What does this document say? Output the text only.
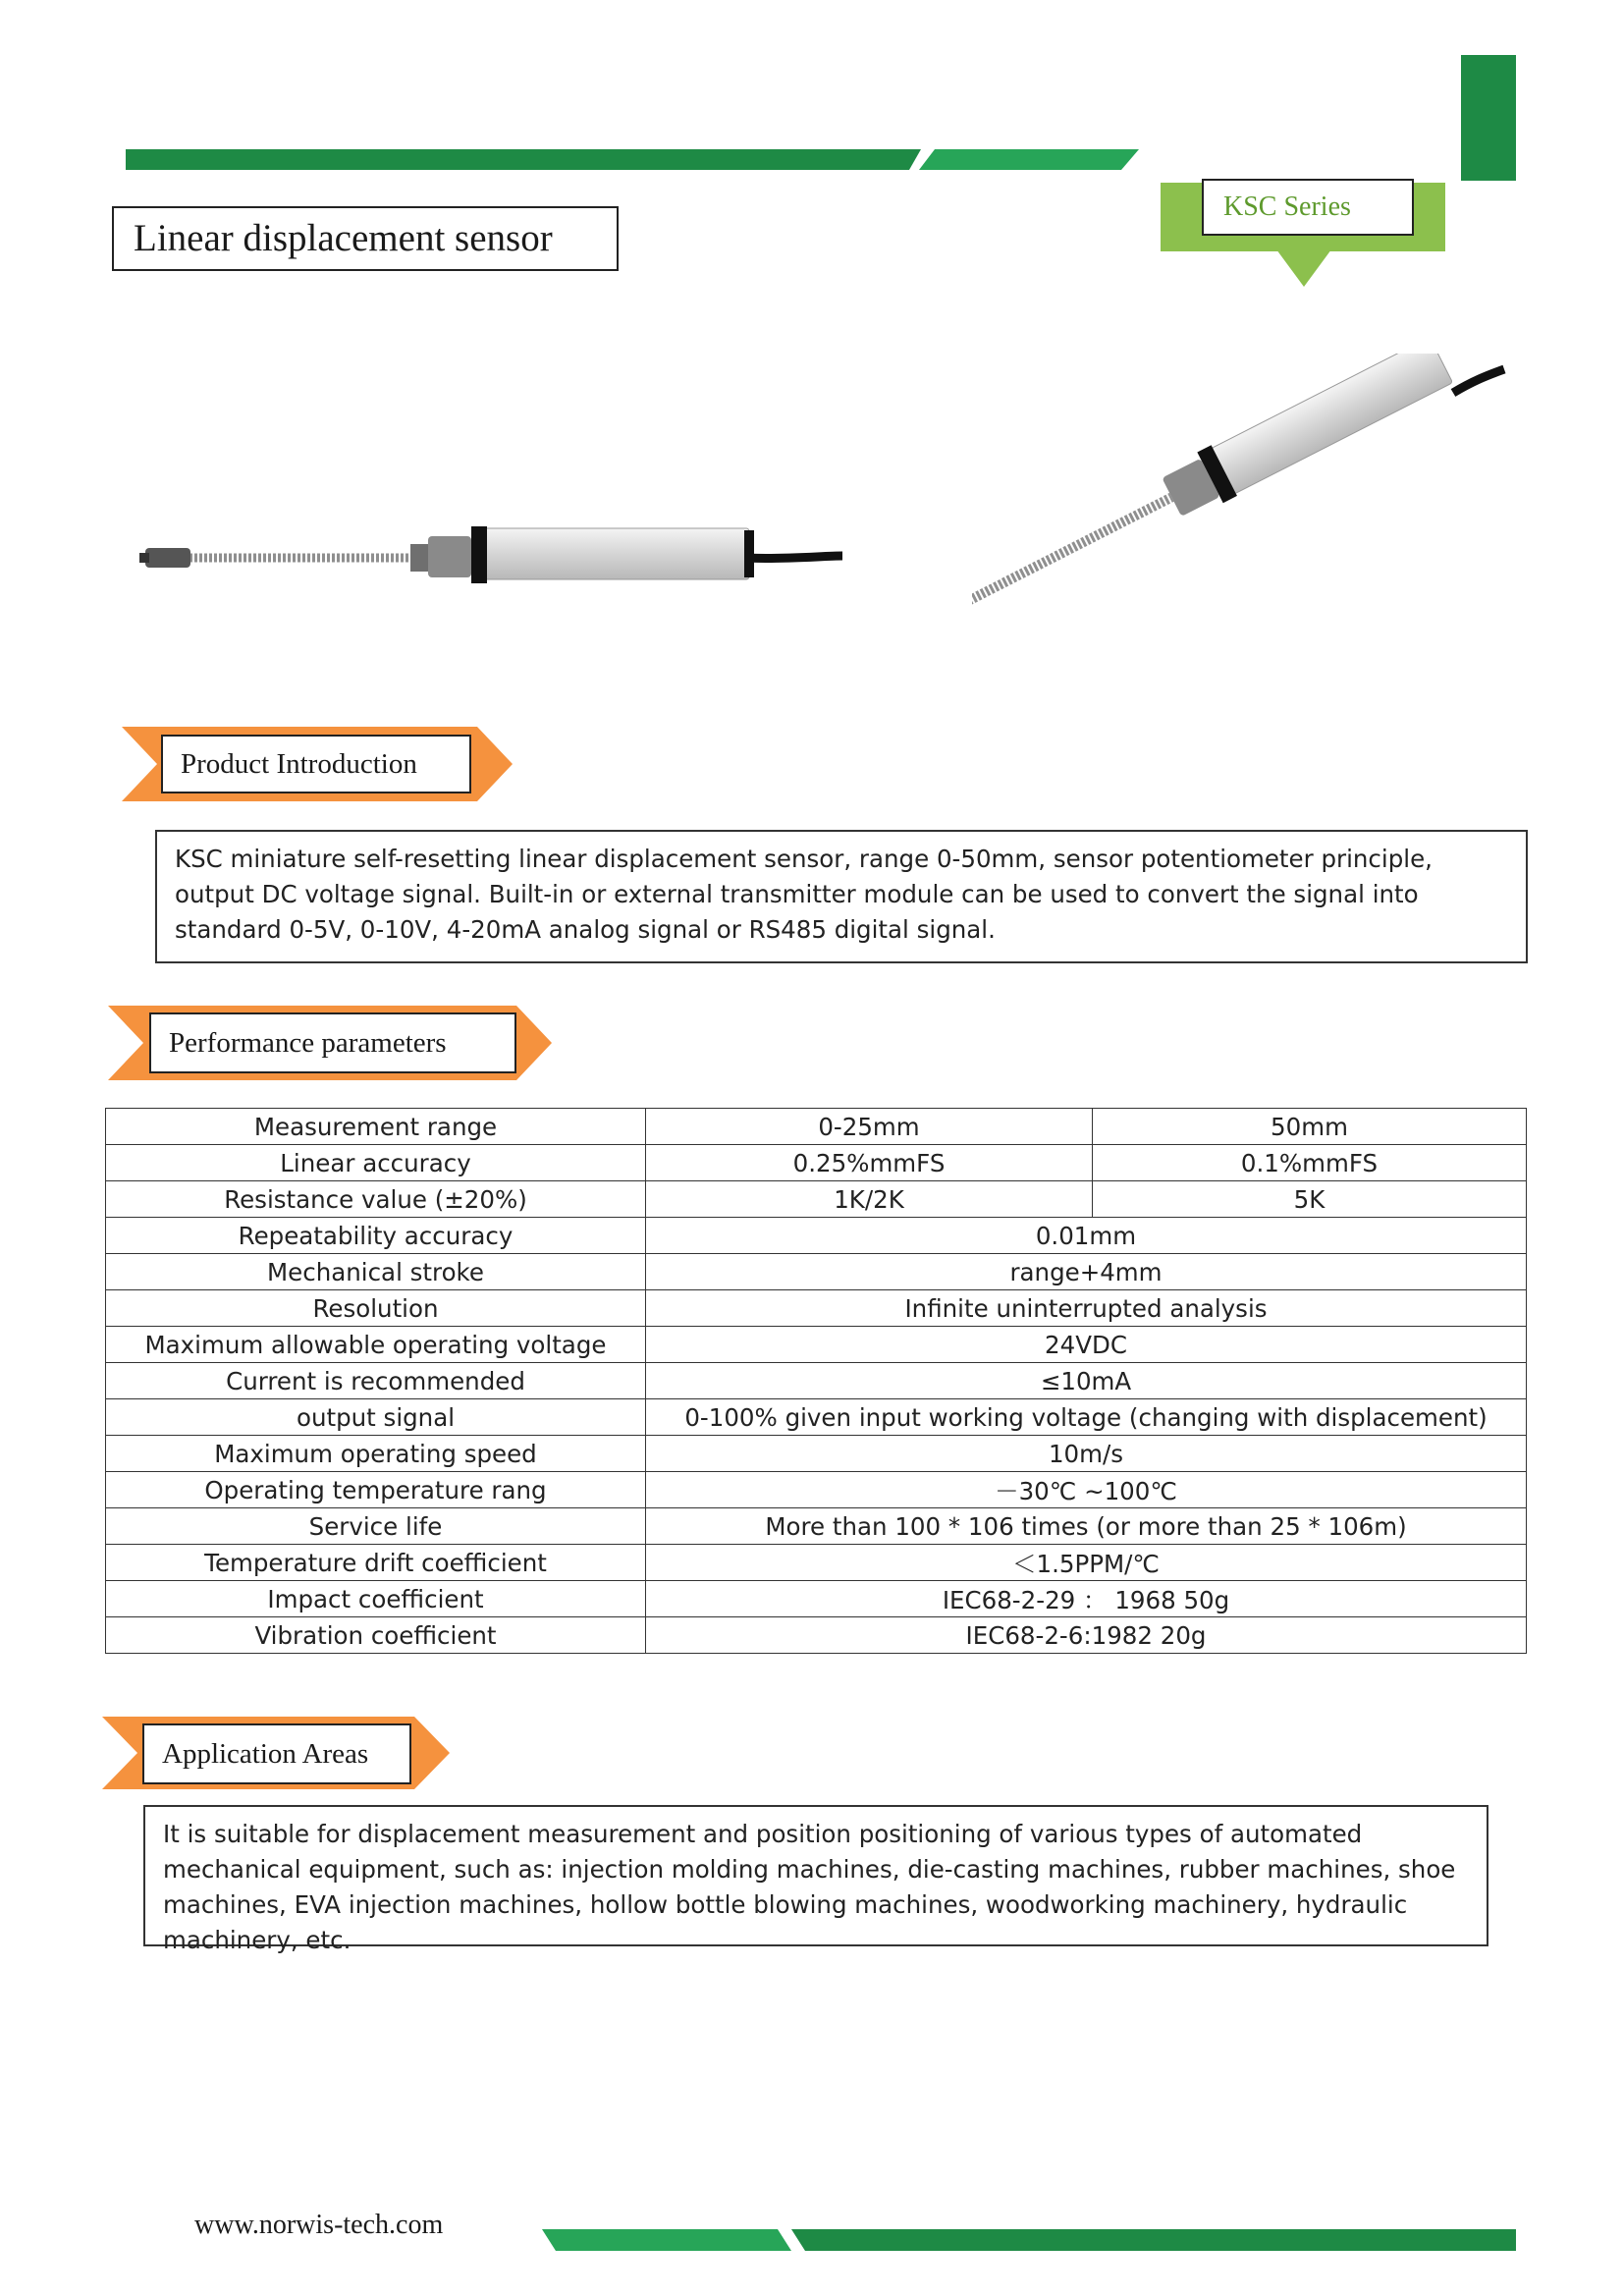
Linear displacement sensor
KSC Series
Product Introduction
KSC miniature self-resetting linear displacement sensor, range 0-50mm, sensor potentiometer principle, output DC voltage signal. Built-in or external transmitter module can be used to convert the signal into standard 0-5V, 0-10V, 4-20mA analog signal or RS485 digital signal.
Performance parameters
Measurement range	0-25mm	50mm
Linear accuracy	0.25%mmFS	0.1%mmFS
Resistance value (±20%)	1K/2K	5K
Repeatability accuracy	0.01mm	
Mechanical stroke	range+4mm	
Resolution	Infinite uninterrupted analysis	
Maximum allowable operating voltage	24VDC	
Current is recommended	≤10mA	
output signal	0-100% given input working voltage (changing with displacement)	
Maximum operating speed	10m/s	
Operating temperature rang	－30℃ ~100℃	
Service life	More than 100 * 106 times (or more than 25 * 106m)	
Temperature drift coefficient	＜1.5PPM/℃	
Impact coefficient	IEC68-2-29 ： 1968 50g	
Vibration coefficient	IEC68-2-6:1982 20g	
Application Areas
It is suitable for displacement measurement and position positioning of various types of automated mechanical equipment, such as: injection molding machines, die-casting machines, rubber machines, shoe machines, EVA injection machines, hollow bottle blowing machines, woodworking machinery, hydraulic machinery, etc.
www.norwis-tech.com
